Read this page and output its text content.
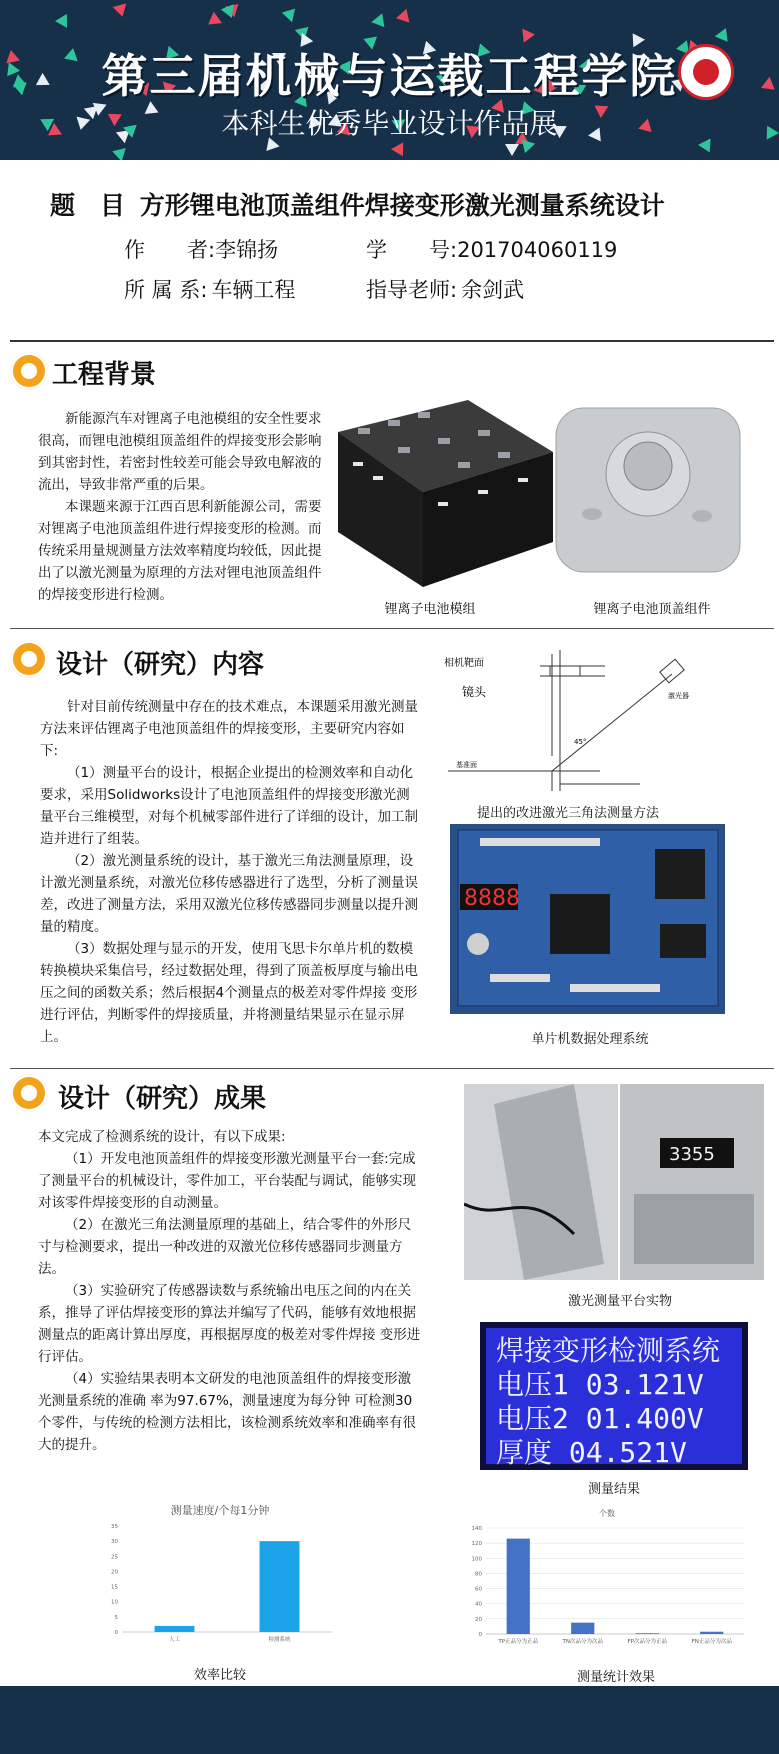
第三届机械与运载工程学院
本科生优秀毕业设计作品展
题　目 方形锂电池顶盖组件焊接变形激光测量系统设计
作　　者:李锦扬	学　　号:201704060119
所 属 系: 车辆工程	指导老师: 余剑武
工程背景

新能源汽车对锂离子电池模组的安全性要求很高，而锂电池模组顶盖组件的焊接变形会影响到其密封性，若密封性较差可能会导致电解液的流出，导致非常严重的后果。

本课题来源于江西百思利新能源公司，需要对锂离子电池顶盖组件进行焊接变形的检测。而传统采用量规测量方法效率精度均较低，因此提出了以激光测量为原理的方法对锂电池顶盖组件的焊接变形进行检测。

锂离子电池模组	锂离子电池顶盖组件
设计（研究）内容

针对目前传统测量中存在的技术难点，本课题采用激光测量方法来评估锂离子电池顶盖组件的焊接变形，主要研究内容如下:

（1）测量平台的设计，根据企业提出的检测效率和自动化要求，采用Solidworks设计了电池顶盖组件的焊接变形激光测量平台三维模型，对每个机械零部件进行了详细的设计，加工制造并进行了组装。

（2）激光测量系统的设计，基于激光三角法测量原理，设计激光测量系统，对激光位移传感器进行了选型，分析了测量误差，改进了测量方法，采用双激光位移传感器同步测量以提升测量的精度。

（3）数据处理与显示的开发，使用飞思卡尔单片机的数模转换模块采集信号，经过数据处理，得到了顶盖板厚度与输出电压之间的函数关系；然后根据4个测量点的极差对零件焊接 变形进行评估，判断零件的焊接质量，并将测量结果显示在显示屏上。

相机靶面
镜头	激光器
基准面
45°
提出的改进激光三角法测量方法
8888
单片机数据处理系统
设计（研究）成果
本文完成了检测系统的设计，有以下成果:

（1）开发电池顶盖组件的焊接变形激光测量平台一套:完成了测量平台的机械设计，零件加工，平台装配与调试，能够实现对该零件焊接变形的自动测量。

（2）在激光三角法测量原理的基础上，结合零件的外形尺寸与检测要求，提出一种改进的双激光位移传感器同步测量方法。

（3）实验研究了传感器读数与系统输出电压之间的内在关系，推导了评估焊接变形的算法并编写了代码，能够有效地根据测量点的距离计算出厚度，再根据厚度的极差对零件焊接 变形进行评估。

（4）实验结果表明本文研发的电池顶盖组件的焊接变形激光测量系统的准确 率为97.67%，测量速度为每分钟 可检测30个零件，与传统的检测方法相比，该检测系统效率和准确率有很大的提升。

3355
激光测量平台实物
焊接变形检测系统
电压1 03.121V
电压2 01.400V
厚度 04.521V
测量结果
测量速度/个每1分钟
0
5
10
15
20
25
30
35
人工	检测系统
效率比较
个数
0
20
40
60
80
100
120
140
TP正品分为正品	TN次品分为次品	FP次品分为正品	FN正品分为次品
测量统计效果
